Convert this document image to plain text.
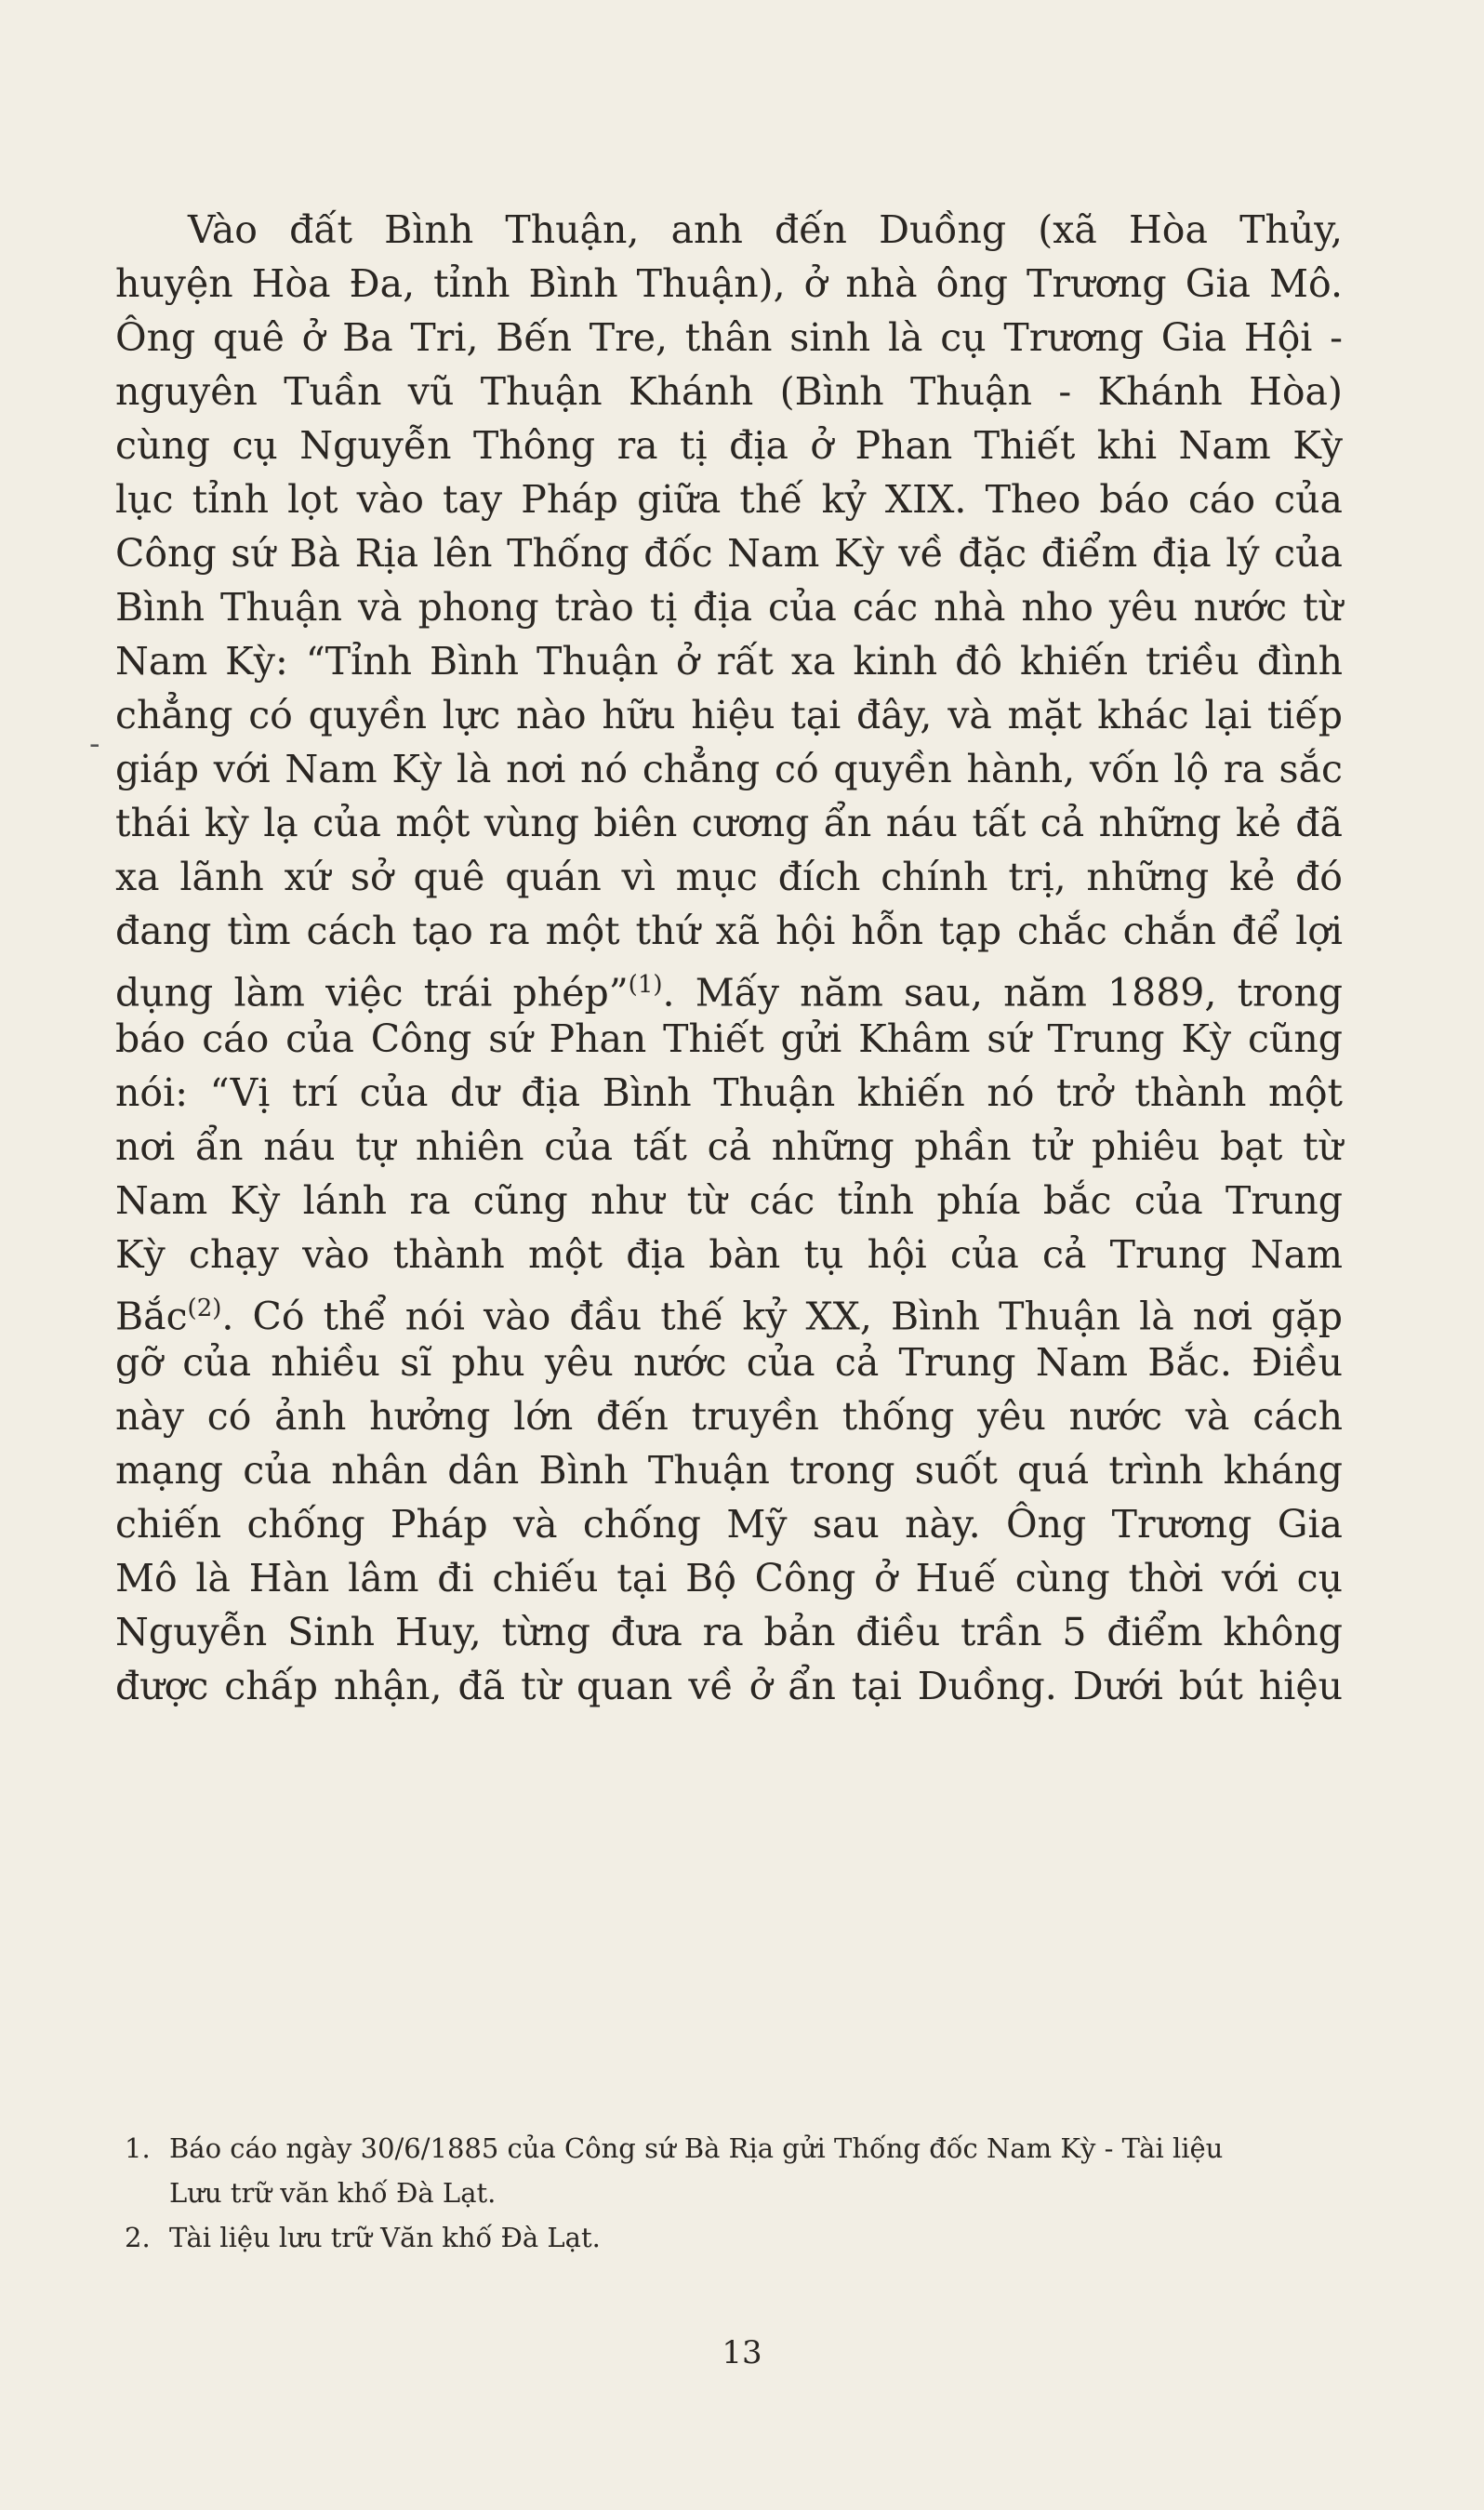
-
Vào đất Bình Thuận, anh đến Duồng (xã Hòa Thủy,
huyện Hòa Đa, tỉnh Bình Thuận), ở nhà ông Trương Gia Mô.
Ông quê ở Ba Tri, Bến Tre, thân sinh là cụ Trương Gia Hội -
nguyên Tuần vũ Thuận Khánh (Bình Thuận - Khánh Hòa)
cùng cụ Nguyễn Thông ra tị địa ở Phan Thiết khi Nam Kỳ
lục tỉnh lọt vào tay Pháp giữa thế kỷ XIX. Theo báo cáo của
Công sứ Bà Rịa lên Thống đốc Nam Kỳ về đặc điểm địa lý của
Bình Thuận và phong trào tị địa của các nhà nho yêu nước từ
Nam Kỳ: “Tỉnh Bình Thuận ở rất xa kinh đô khiến triều đình
chẳng có quyền lực nào hữu hiệu tại đây, và mặt khác lại tiếp
giáp với Nam Kỳ là nơi nó chẳng có quyền hành, vốn lộ ra sắc
thái kỳ lạ của một vùng biên cương ẩn náu tất cả những kẻ đã
xa lãnh xứ sở quê quán vì mục đích chính trị, những kẻ đó
đang tìm cách tạo ra một thứ xã hội hỗn tạp chắc chắn để lợi
dụng làm việc trái phép”$^{(1)}$. Mấy năm sau, năm 1889, trong
báo cáo của Công sứ Phan Thiết gửi Khâm sứ Trung Kỳ cũng
nói: “Vị trí của dư địa Bình Thuận khiến nó trở thành một
nơi ẩn náu tự nhiên của tất cả những phần tử phiêu bạt từ
Nam Kỳ lánh ra cũng như từ các tỉnh phía bắc của Trung
Kỳ chạy vào thành một địa bàn tụ hội của cả Trung Nam
Bắc$^{(2)}$. Có thể nói vào đầu thế kỷ XX, Bình Thuận là nơi gặp
gỡ của nhiều sĩ phu yêu nước của cả Trung Nam Bắc. Điều
này có ảnh hưởng lớn đến truyền thống yêu nước và cách
mạng của nhân dân Bình Thuận trong suốt quá trình kháng
chiến chống Pháp và chống Mỹ sau này. Ông Trương Gia
Mô là Hàn lâm đi chiếu tại Bộ Công ở Huế cùng thời với cụ
Nguyễn Sinh Huy, từng đưa ra bản điều trần 5 điểm không
được chấp nhận, đã từ quan về ở ẩn tại Duồng. Dưới bút hiệu
1. Báo cáo ngày 30/6/1885 của Công sứ Bà Rịa gửi Thống đốc Nam Kỳ - Tài liệu
Lưu trữ văn khố Đà Lạt.
2. Tài liệu lưu trữ Văn khố Đà Lạt.
13
